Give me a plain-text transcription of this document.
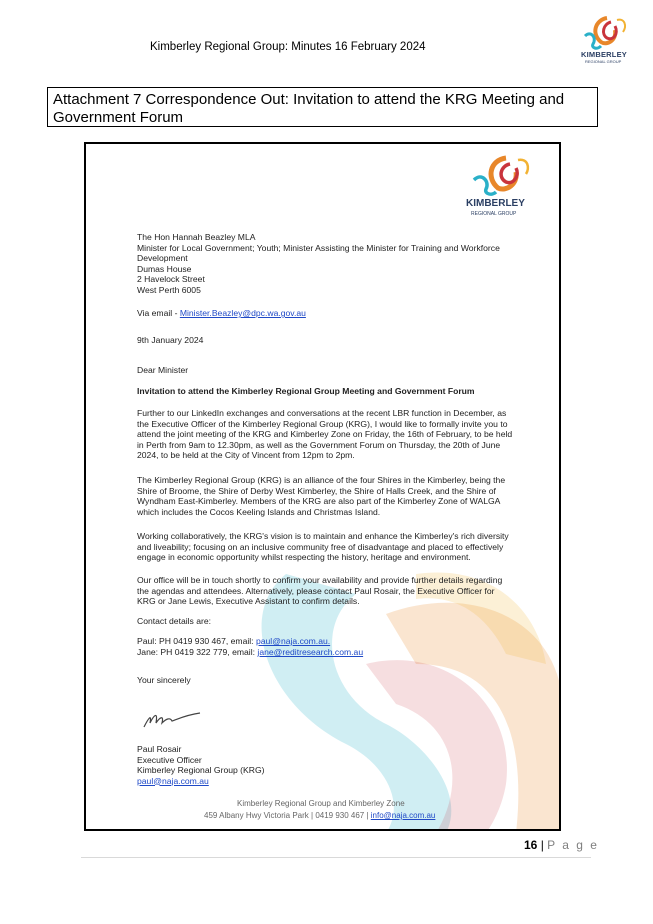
Kimberley Regional Group: Minutes 16 February 2024
KIMBERLEY
REGIONAL GROUP
Attachment 7 Correspondence Out: Invitation to attend the KRG Meeting and Government Forum
KIMBERLEY
REGIONAL GROUP
The Hon Hannah Beazley MLA
Minister for Local Government; Youth; Minister Assisting the Minister for Training and Workforce
Development
Dumas House
2 Havelock Street
West Perth 6005
Via email - Minister.Beazley@dpc.wa.gov.au
9th January 2024
Dear Minister
Invitation to attend the Kimberley Regional Group Meeting and Government Forum
Further to our LinkedIn exchanges and conversations at the recent LBR function in December, as
the Executive Officer of the Kimberley Regional Group (KRG), I would like to formally invite you to
attend the joint meeting of the KRG and Kimberley Zone on Friday, the 16th of February, to be held
in Perth from 9am to 12.30pm, as well as the Government Forum on Thursday, the 20th of June
2024, to be held at the City of Vincent from 12pm to 2pm.
The Kimberley Regional Group (KRG) is an alliance of the four Shires in the Kimberley, being the
Shire of Broome, the Shire of Derby West Kimberley, the Shire of Halls Creek, and the Shire of
Wyndham East-Kimberley. Members of the KRG are also part of the Kimberley Zone of WALGA
which includes the Cocos Keeling Islands and Christmas Island.
Working collaboratively, the KRG's vision is to maintain and enhance the Kimberley's rich diversity
and liveability; focusing on an inclusive community free of disadvantage and placed to effectively
engage in economic opportunity whilst respecting the history, heritage and environment.
Our office will be in touch shortly to confirm your availability and provide further details regarding
the agendas and attendees. Alternatively, please contact Paul Rosair, the Executive Officer for
KRG or Jane Lewis, Executive Assistant to confirm details.
Contact details are:
Paul: PH 0419 930 467, email: paul@naja.com.au.
Jane: PH 0419 322 779, email: jane@reditresearch.com.au
Your sincerely
Paul Rosair
Executive Officer
Kimberley Regional Group (KRG)
paul@naja.com.au
Kimberley Regional Group and Kimberley Zone
459 Albany Hwy Victoria Park | 0419 930 467 | info@naja.com.au
16 | P a g e
